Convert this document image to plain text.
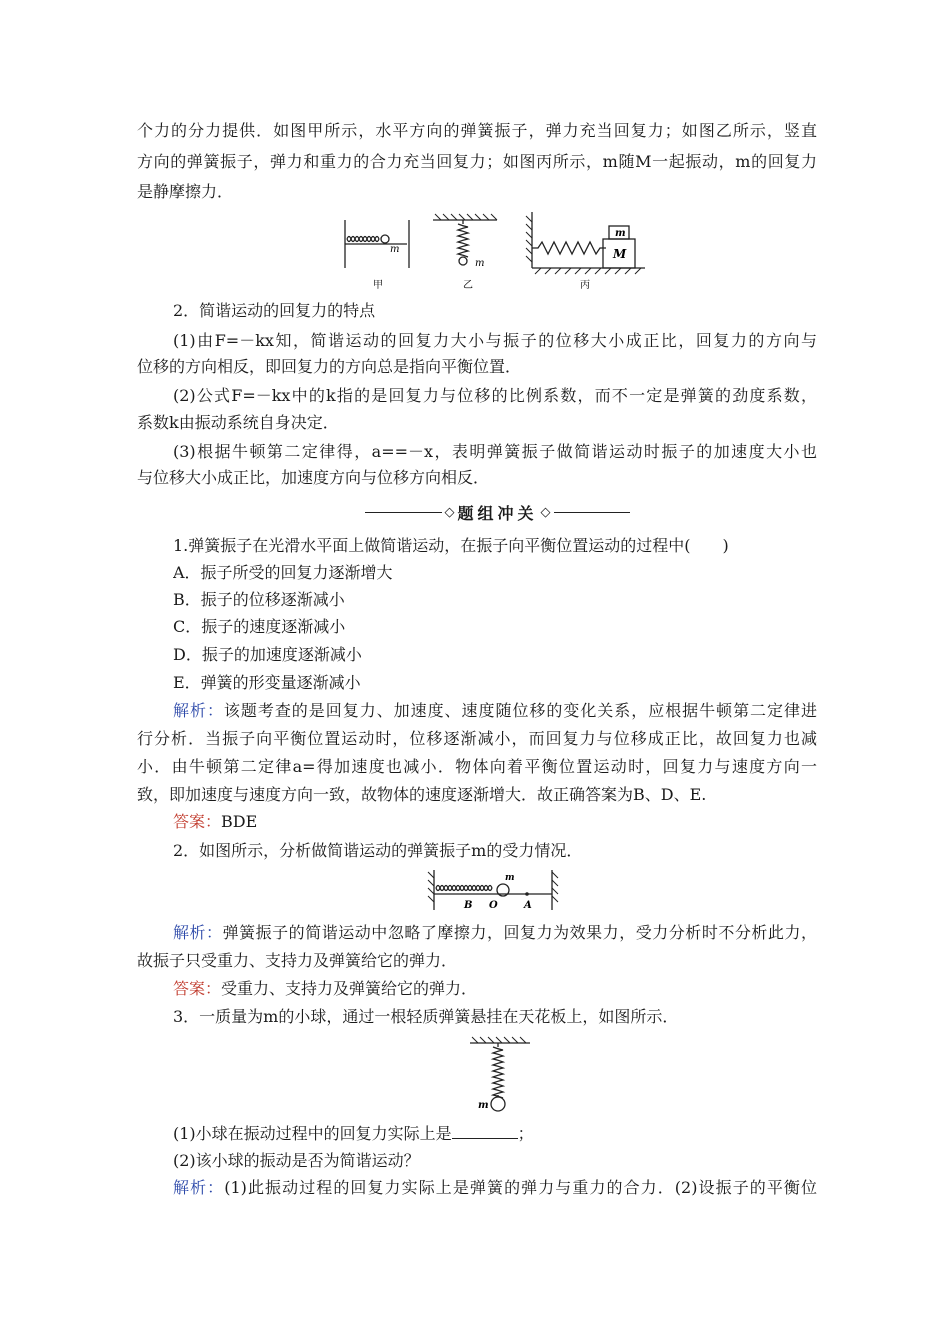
个力的分力提供．如图甲所示，水平方向的弹簧振子，弹力充当回复力；如图乙所示，竖直
方向的弹簧振子，弹力和重力的合力充当回复力；如图丙所示，m随M一起振动，m的回复力
是静摩擦力．
m
m
m
M
甲	乙	丙
2．简谐运动的回复力的特点
(1)由F=－kx知，简谐运动的回复力大小与振子的位移大小成正比，回复力的方向与
位移的方向相反，即回复力的方向总是指向平衡位置．
(2)公式F=－kx中的k指的是回复力与位移的比例系数，而不一定是弹簧的劲度系数，
系数k由振动系统自身决定．
(3)根据牛顿第二定律得，a==－x，表明弹簧振子做简谐运动时振子的加速度大小也
与位移大小成正比，加速度方向与位移方向相反．
◇ 题组冲关 ◇
1.弹簧振子在光滑水平面上做简谐运动，在振子向平衡位置运动的过程中(　　)
A．振子所受的回复力逐渐增大
B．振子的位移逐渐减小
C．振子的速度逐渐减小
D．振子的加速度逐渐减小
E．弹簧的形变量逐渐减小
解析：该题考查的是回复力、加速度、速度随位移的变化关系，应根据牛顿第二定律进
行分析．当振子向平衡位置运动时，位移逐渐减小，而回复力与位移成正比，故回复力也减
小．由牛顿第二定律a=得加速度也减小．物体向着平衡位置运动时，回复力与速度方向一
致，即加速度与速度方向一致，故物体的速度逐渐增大．故正确答案为B、D、E.
答案：BDE
2．如图所示，分析做简谐运动的弹簧振子m的受力情况．
m
B O	A
解析：弹簧振子的简谐运动中忽略了摩擦力，回复力为效果力，受力分析时不分析此力，
故振子只受重力、支持力及弹簧给它的弹力．
答案：受重力、支持力及弹簧给它的弹力．
3．一质量为m的小球，通过一根轻质弹簧悬挂在天花板上，如图所示．
m
(1)小球在振动过程中的回复力实际上是	；
(2)该小球的振动是否为简谐运动？
解析：(1)此振动过程的回复力实际上是弹簧的弹力与重力的合力．(2)设振子的平衡位
